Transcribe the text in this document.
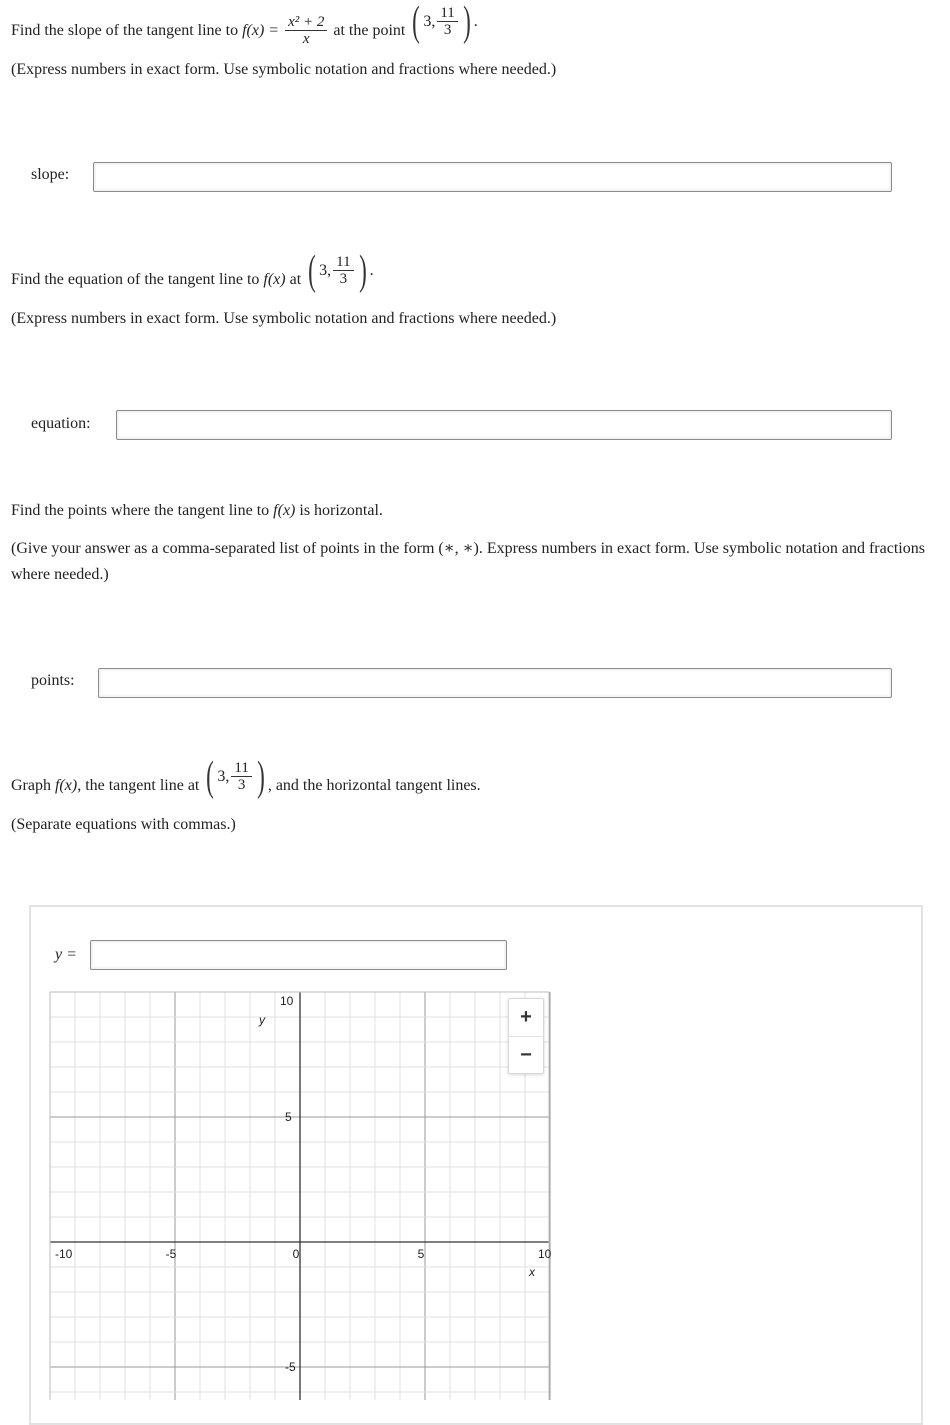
Find the slope of the tangent line to $f(x) = \frac{\text{x² + 2}}{x}$ at the point ( 3, $\frac{11}{3}$ ) .
(Express numbers in exact form. Use symbolic notation and fractions where needed.)
slope:
Find the equation of the tangent line to f(x) at ( 3, $\frac{11}{3}$ ) .
(Express numbers in exact form. Use symbolic notation and fractions where needed.)
equation:
Find the points where the tangent line to f(x) is horizontal.
(Give your answer as a comma-separated list of points in the form (∗, ∗). Express numbers in exact form. Use symbolic notation and fractions where needed.)
points:
Graph f(x), the tangent line at ( 3, $\frac{11}{3}$ ) , and the horizontal tangent lines.
(Separate equations with commas.)
y =
-10	-5	0	5	10
10
5
-5
x
y	+
−
